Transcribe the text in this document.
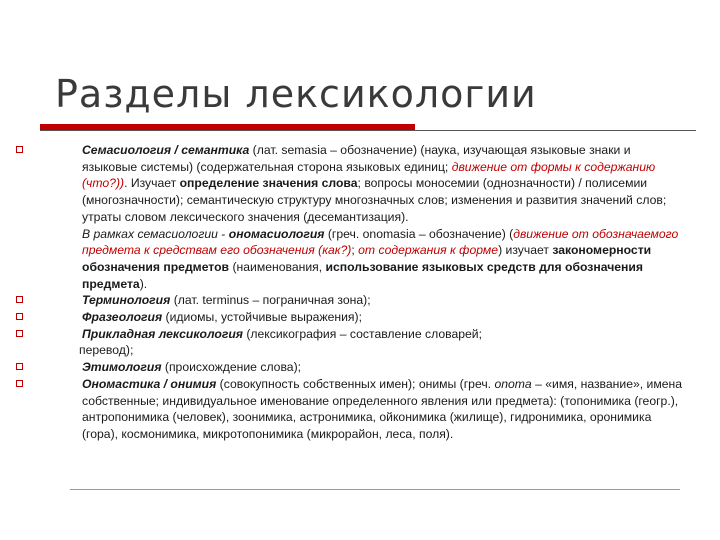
Разделы лексикологии
Семасиология / семантика (лат. semasia – обозначение) (наука, изучающая языковые знаки и языковые системы) (содержательная сторона языковых единиц; движение от формы к содержанию (что?)). Изучает определение значения слова; вопросы моносемии (однозначности) / полисемии (многозначности); семантическую структуру многозначных слов; изменения и развития значений слов; утраты словом лексического значения (десемантизация).
В рамках семасиологии - ономасиология (греч. onomasia – обозначение) (движение от обозначаемого предмета к средствам его обозначения (как?); от содержания к форме) изучает закономерности обозначения предметов (наименования, использование языковых средств для обозначения предмета).
Терминология (лат. terminus – пограничная зона);
Фразеология (идиомы, устойчивые выражения);
Прикладная лексикология (лексикография – составление словарей;
перевод);
Этимология (происхождение слова);
Ономастика / онимия (совокупность собственных имен); онимы (греч. onoma – «имя, название», имена собственные; индивидуальное именование определенного явления или предмета): (топонимика (геогр.), антропонимика (человек), зоонимика, астронимика, ойконимика (жилище), гидронимика, оронимика (гора), космонимика, микротопонимика (микрорайон, леса, поля).
